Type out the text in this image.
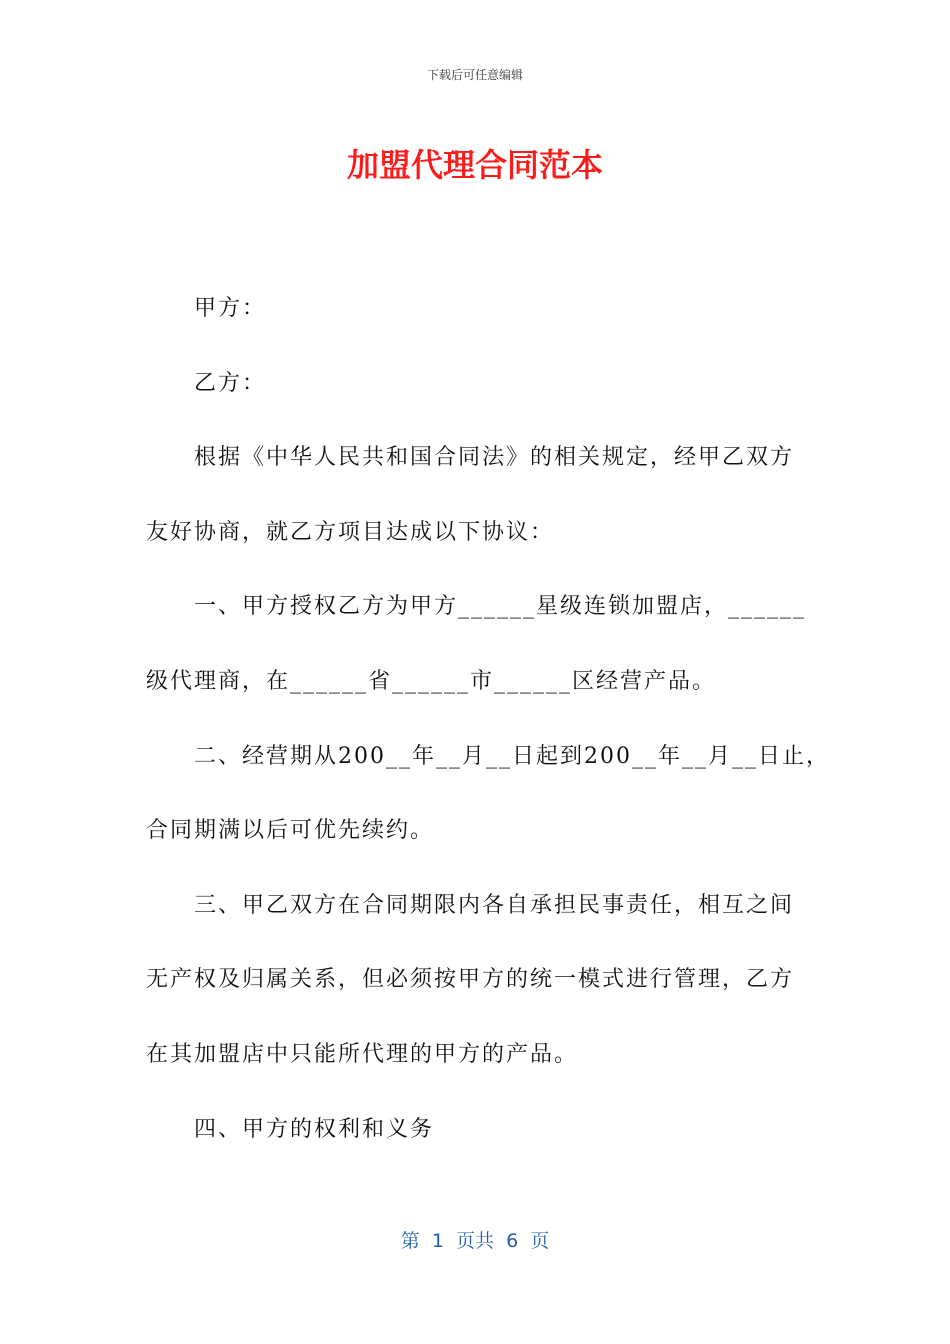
下载后可任意编辑
加盟代理合同范本
甲方：
乙方：
根据《中华人民共和国合同法》的相关规定，经甲乙双方
友好协商，就乙方项目达成以下协议：
一、甲方授权乙方为甲方______星级连锁加盟店，______
级代理商，在______省______市______区经营产品。
二、经营期从200__年__月__日起到200__年__月__日止，
合同期满以后可优先续约。
三、甲乙双方在合同期限内各自承担民事责任，相互之间
无产权及归属关系，但必须按甲方的统一模式进行管理，乙方
在其加盟店中只能所代理的甲方的产品。
四、甲方的权利和义务
第  1  页共  6  页
